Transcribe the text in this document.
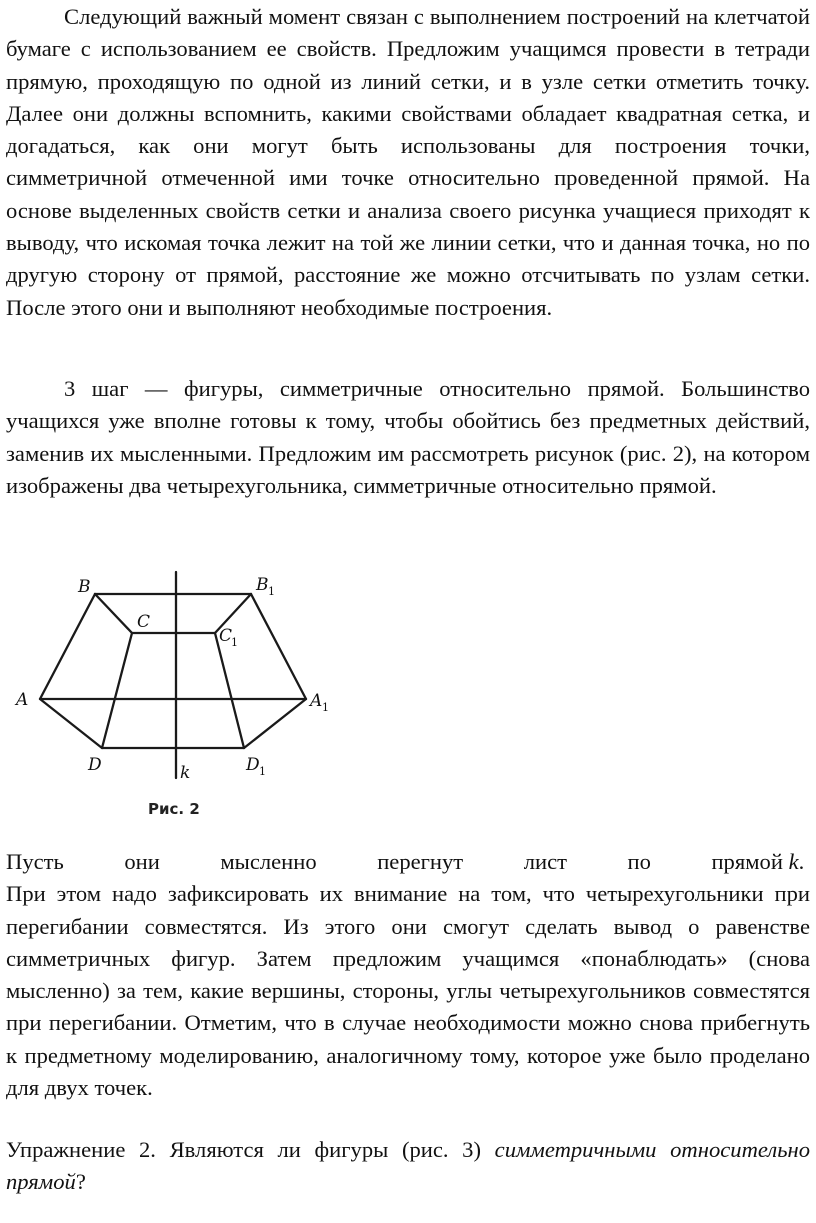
Следующий важный момент связан с выполнением построений на клетчатой бумаге с использованием ее свойств. Предложим учащимся провести в тетради прямую, проходящую по одной из линий сетки, и в узле сетки отметить точку. Далее они должны вспомнить, какими свойствами обладает квадратная сетка, и догадаться, как они могут быть использованы для построения точки, симметричной отмеченной ими точке относительно проведенной прямой. На основе выделенных свойств сетки и анализа своего рисунка учащиеся приходят к выводу, что искомая точка лежит на той же линии сетки, что и данная точка, но по другую сторону от прямой, расстояние же можно отсчитывать по узлам сетки. После этого они и выполняют необходимые построения.

3 шаг — фигуры, симметричные относительно прямой. Большинство учащихся уже вполне готовы к тому, чтобы обойтись без предметных действий, заменив их мысленными. Предложим им рассмотреть рисунок (рис. 2), на котором изображены два четырехугольника, симметричные относительно прямой.

B	B 1
C
C
1
A	A 1
D	D 1
k
Рис. 2
Пусть	они	мысленно	перегнут	лист	по	прямой k.

При этом надо зафиксировать их внимание на том, что четырехугольники при перегибании совместятся. Из этого они смогут сделать вывод о равенстве симметричных фигур. Затем предложим учащимся «понаблюдать» (снова мысленно) за тем, какие вершины, стороны, углы четырехугольников совместятся при перегибании. Отметим, что в случае необходимости можно снова прибегнуть к предметному моделированию, аналогичному тому, которое уже было проделано для двух точек.

Упражнение 2. Являются ли фигуры (рис. 3) симметричными относительно прямой?
